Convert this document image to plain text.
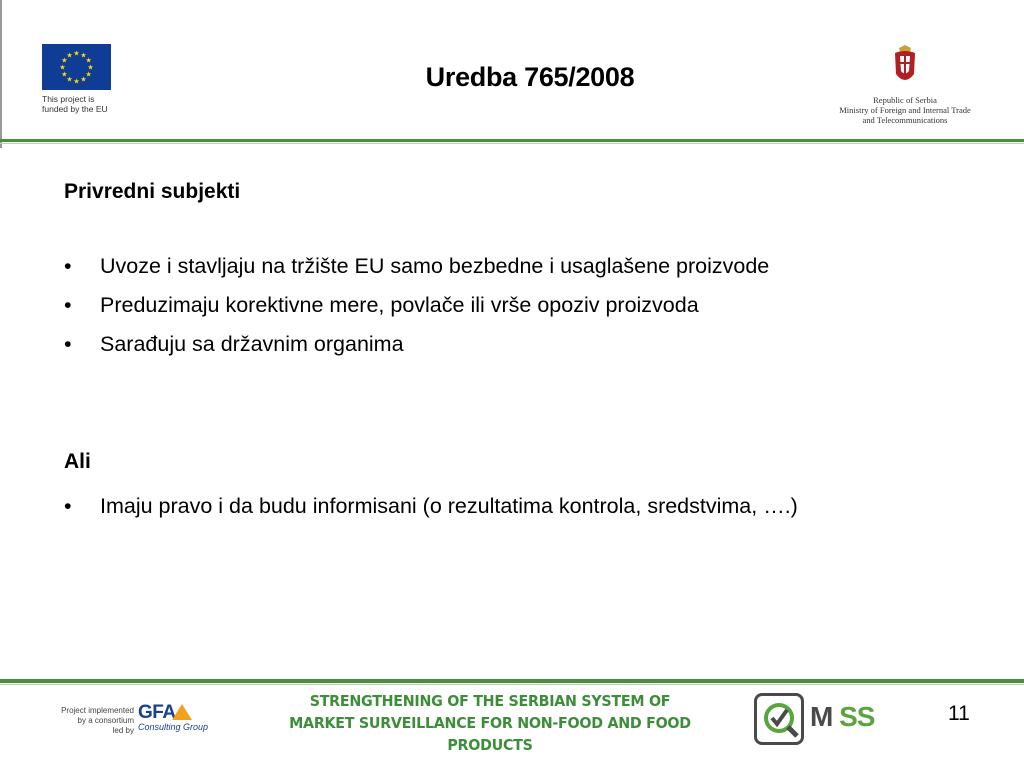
★
★
★
★
★
★
★
★
★ ★ ★
★
This project is
funded by the EU
Uredba 765/2008
Republic of Serbia
Ministry of Foreign and Internal Trade
and Telecommunications
Privredni subjekti
• Uvoze i stavljaju na tržište EU samo bezbedne i usaglašene proizvode
• Preduzimaju korektivne mere, povlače ili vrše opoziv proizvoda
• Sarađuju sa državnim organima
Ali
• Imaju pravo i da budu informisani (o rezultatima kontrola, sredstvima, ….)
Project implemented
by a consortium
led by
GFA
Consulting Group
STRENGTHENING OF THE SERBIAN SYSTEM OF
MARKET SURVEILLANCE FOR NON-FOOD AND FOOD PRODUCTS
M SS	11
